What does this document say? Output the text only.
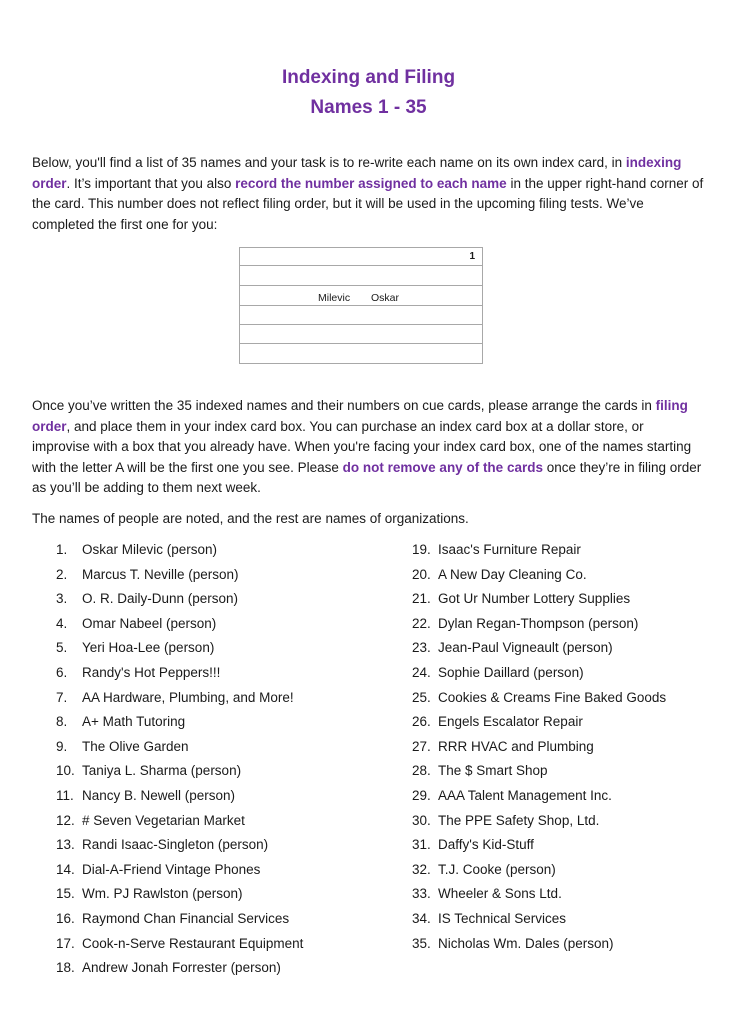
Indexing and Filing
Names 1 - 35

Below, you'll find a list of 35 names and your task is to re-write each name on its own index card, in indexing order. It’s important that you also record the number assigned to each name in the upper right-hand corner of the card. This number does not reflect filing order, but it will be used in the upcoming filing tests. We’ve completed the first one for you:

1
Milevic Oskar

Once you’ve written the 35 indexed names and their numbers on cue cards, please arrange the cards in filing order, and place them in your index card box. You can purchase an index card box at a dollar store, or improvise with a box that you already have. When you're facing your index card box, one of the names starting with the letter A will be the first one you see. Please do not remove any of the cards once they’re in filing order as you’ll be adding to them next week.

The names of people are noted, and the rest are names of organizations.

1. Oskar Milevic (person)
2. Marcus T. Neville (person)
3. O. R. Daily-Dunn (person)
4. Omar Nabeel (person)
5. Yeri Hoa-Lee (person)
6. Randy's Hot Peppers!!!
7. AA Hardware, Plumbing, and More!
8. A+ Math Tutoring
9. The Olive Garden
10. Taniya L. Sharma (person)
11. Nancy B. Newell (person)
12. # Seven Vegetarian Market
13. Randi Isaac-Singleton (person)
14. Dial-A-Friend Vintage Phones
15. Wm. PJ Rawlston (person)
16. Raymond Chan Financial Services
17. Cook-n-Serve Restaurant Equipment
18. Andrew Jonah Forrester (person)
19. Isaac's Furniture Repair
20. A New Day Cleaning Co.
21. Got Ur Number Lottery Supplies
22. Dylan Regan-Thompson (person)
23. Jean-Paul Vigneault (person)
24. Sophie Daillard (person)
25. Cookies & Creams Fine Baked Goods
26. Engels Escalator Repair
27. RRR HVAC and Plumbing
28. The $ Smart Shop
29. AAA Talent Management Inc.
30. The PPE Safety Shop, Ltd.
31. Daffy's Kid-Stuff
32. T.J. Cooke (person)
33. Wheeler & Sons Ltd.
34. IS Technical Services
35. Nicholas Wm. Dales (person)
